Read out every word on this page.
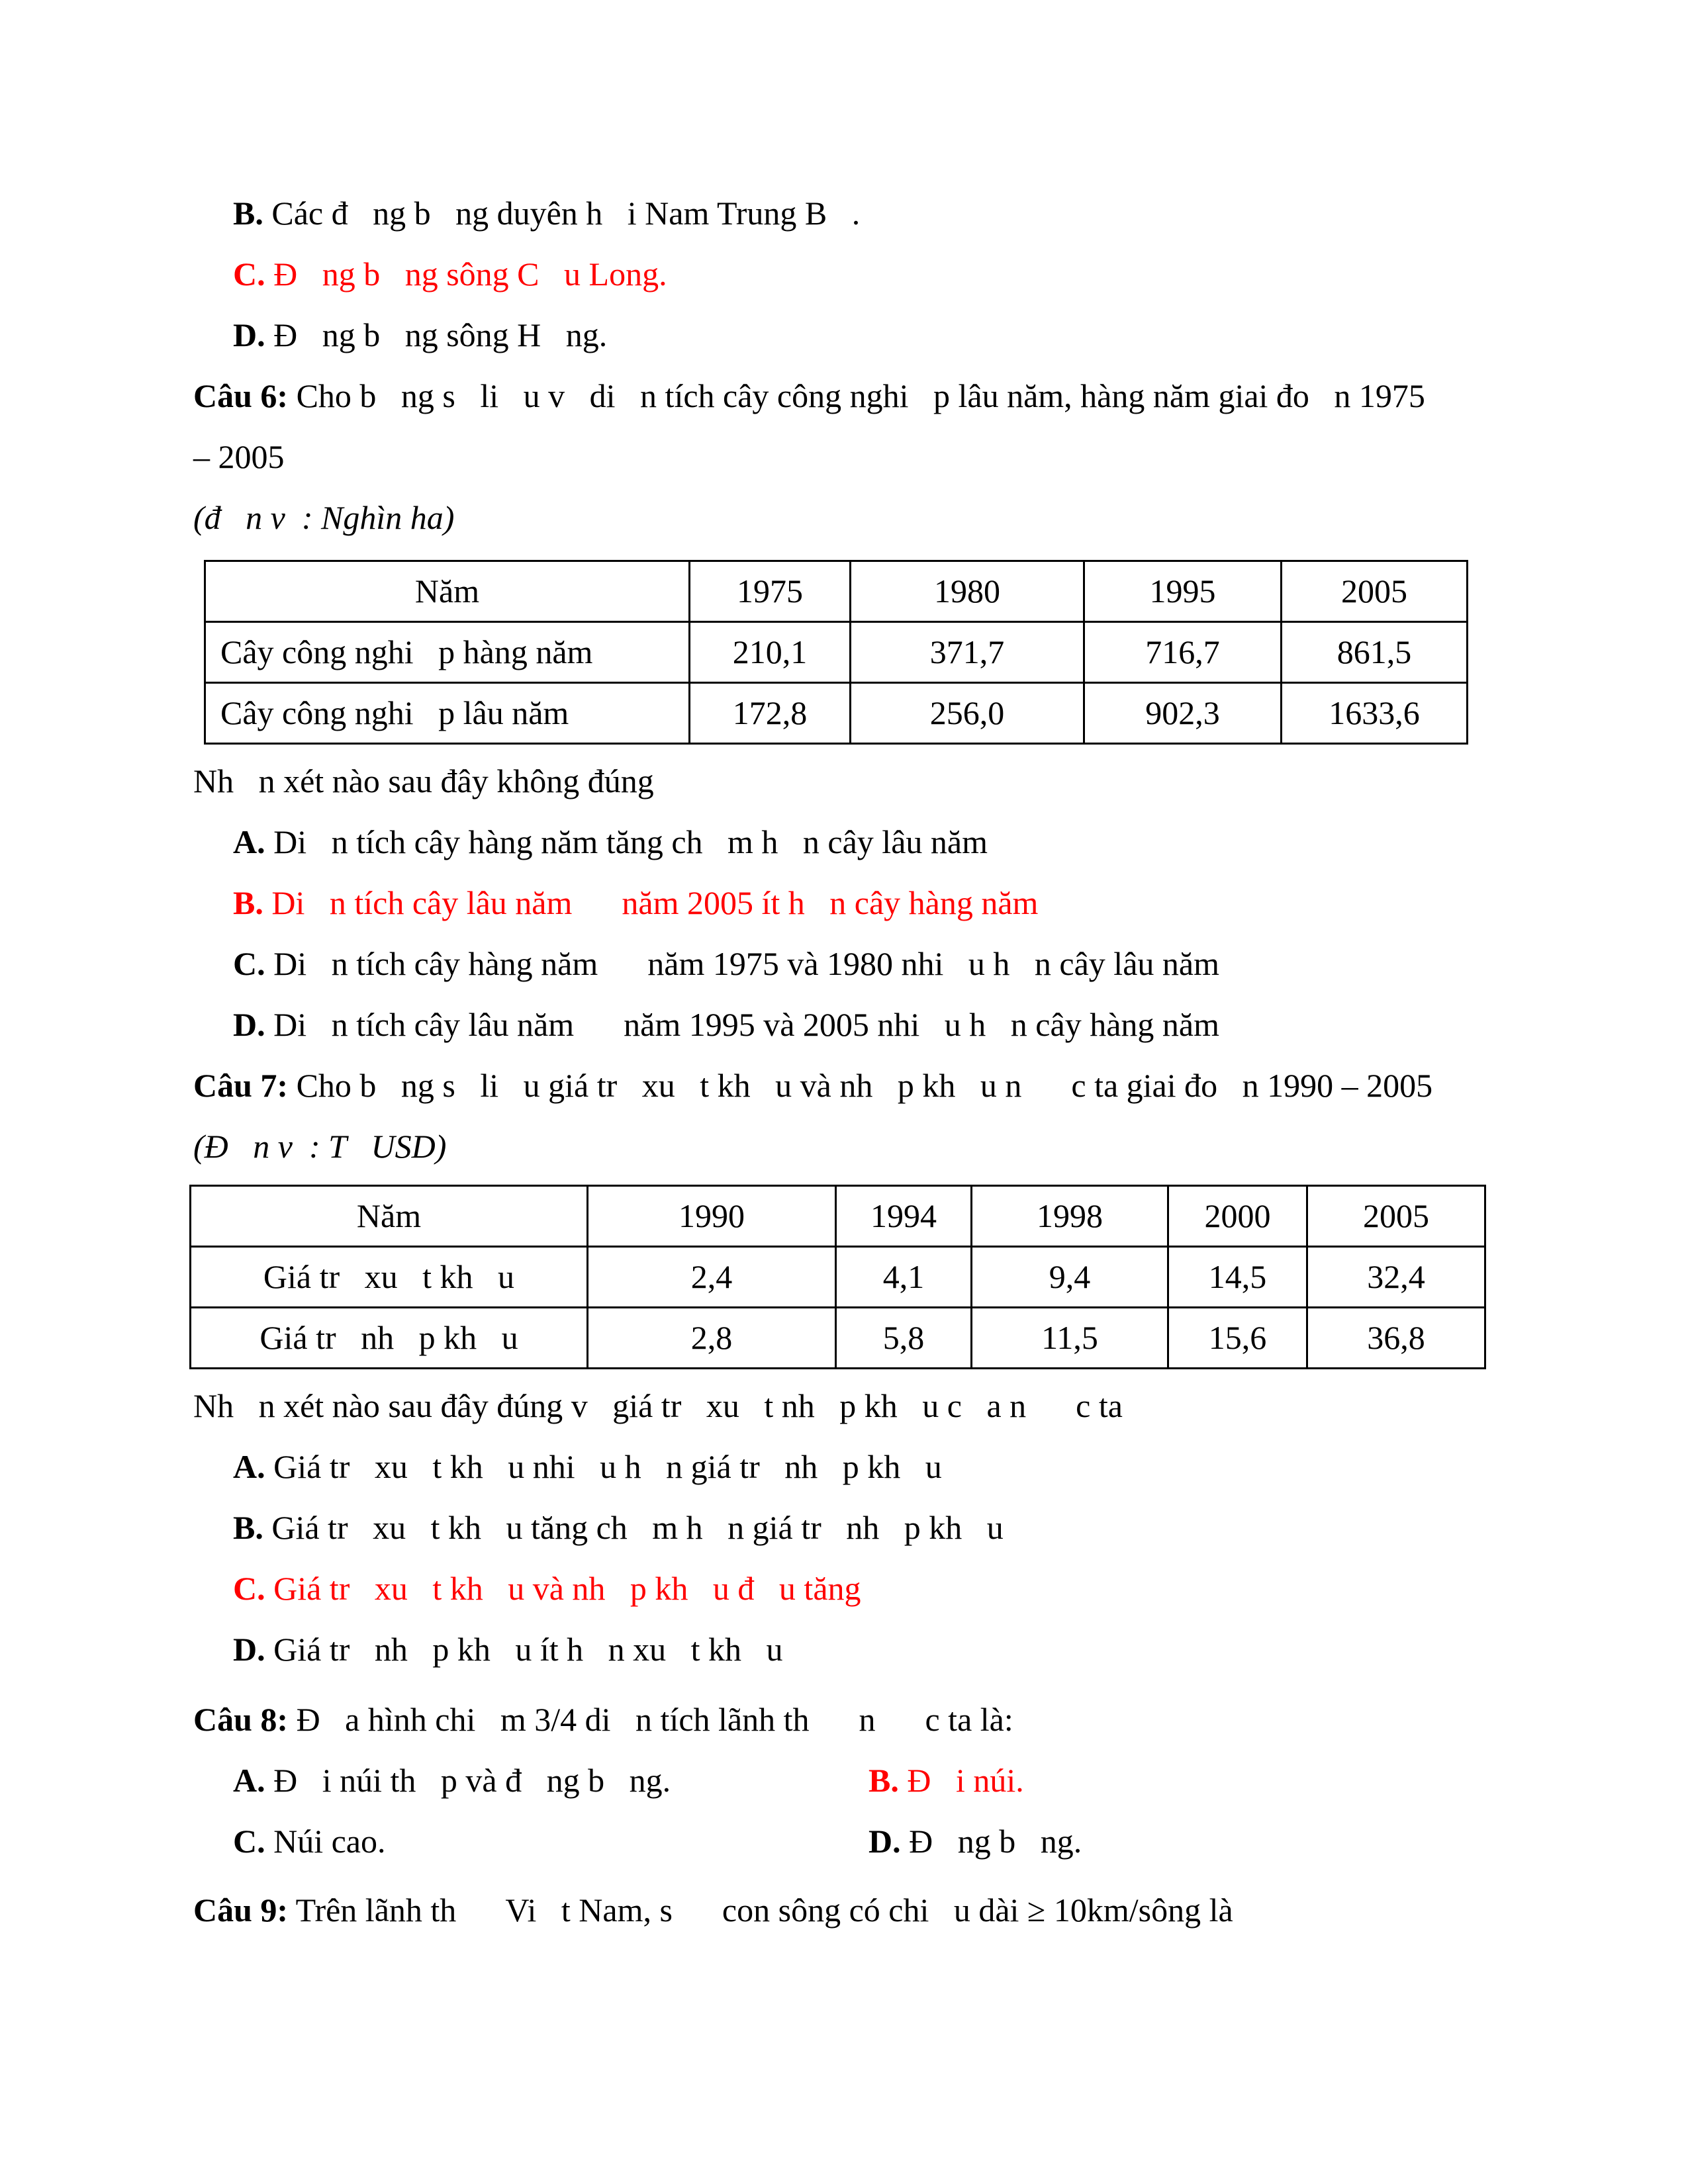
B. Các đ   ng b   ng duyên h   i Nam Trung B   .
C. Đ   ng b   ng sông C   u Long.
D. Đ   ng b   ng sông H   ng.
Câu 6: Cho b   ng s   li   u v   di   n tích cây công nghi   p lâu năm, hàng năm giai đo   n 1975
– 2005
(đ   n v  : Nghìn ha)
Năm	1975	1980	1995	2005
Cây công nghi   p hàng năm	210,1	371,7	716,7	861,5
Cây công nghi   p lâu năm	172,8	256,0	902,3	1633,6
Nh   n xét nào sau đây không đúng
A. Di   n tích cây hàng năm tăng ch   m h   n cây lâu năm
B. Di   n tích cây lâu năm      năm 2005 ít h   n cây hàng năm
C. Di   n tích cây hàng năm      năm 1975 và 1980 nhi   u h   n cây lâu năm
D. Di   n tích cây lâu năm      năm 1995 và 2005 nhi   u h   n cây hàng năm
Câu 7: Cho b   ng s   li   u giá tr   xu   t kh   u và nh   p kh   u n      c ta giai đo   n 1990 – 2005
(Đ   n v  : T   USD)
Năm	1990	1994	1998	2000	2005
Giá tr   xu   t kh   u	2,4	4,1	9,4	14,5	32,4
Giá tr   nh   p kh   u	2,8	5,8	11,5	15,6	36,8
Nh   n xét nào sau đây đúng v   giá tr   xu   t nh   p kh   u c   a n      c ta
A. Giá tr   xu   t kh   u nhi   u h   n giá tr   nh   p kh   u
B. Giá tr   xu   t kh   u tăng ch   m h   n giá tr   nh   p kh   u
C. Giá tr   xu   t kh   u và nh   p kh   u đ   u tăng
D. Giá tr   nh   p kh   u ít h   n xu   t kh   u
Câu 8: Đ   a hình chi   m 3/4 di   n tích lãnh th      n      c ta là:
A. Đ   i núi th   p và đ   ng b   ng.	B. Đ   i núi.
C. Núi cao.	D. Đ   ng b   ng.
Câu 9: Trên lãnh th      Vi   t Nam, s      con sông có chi   u dài ≥ 10km/sông là
